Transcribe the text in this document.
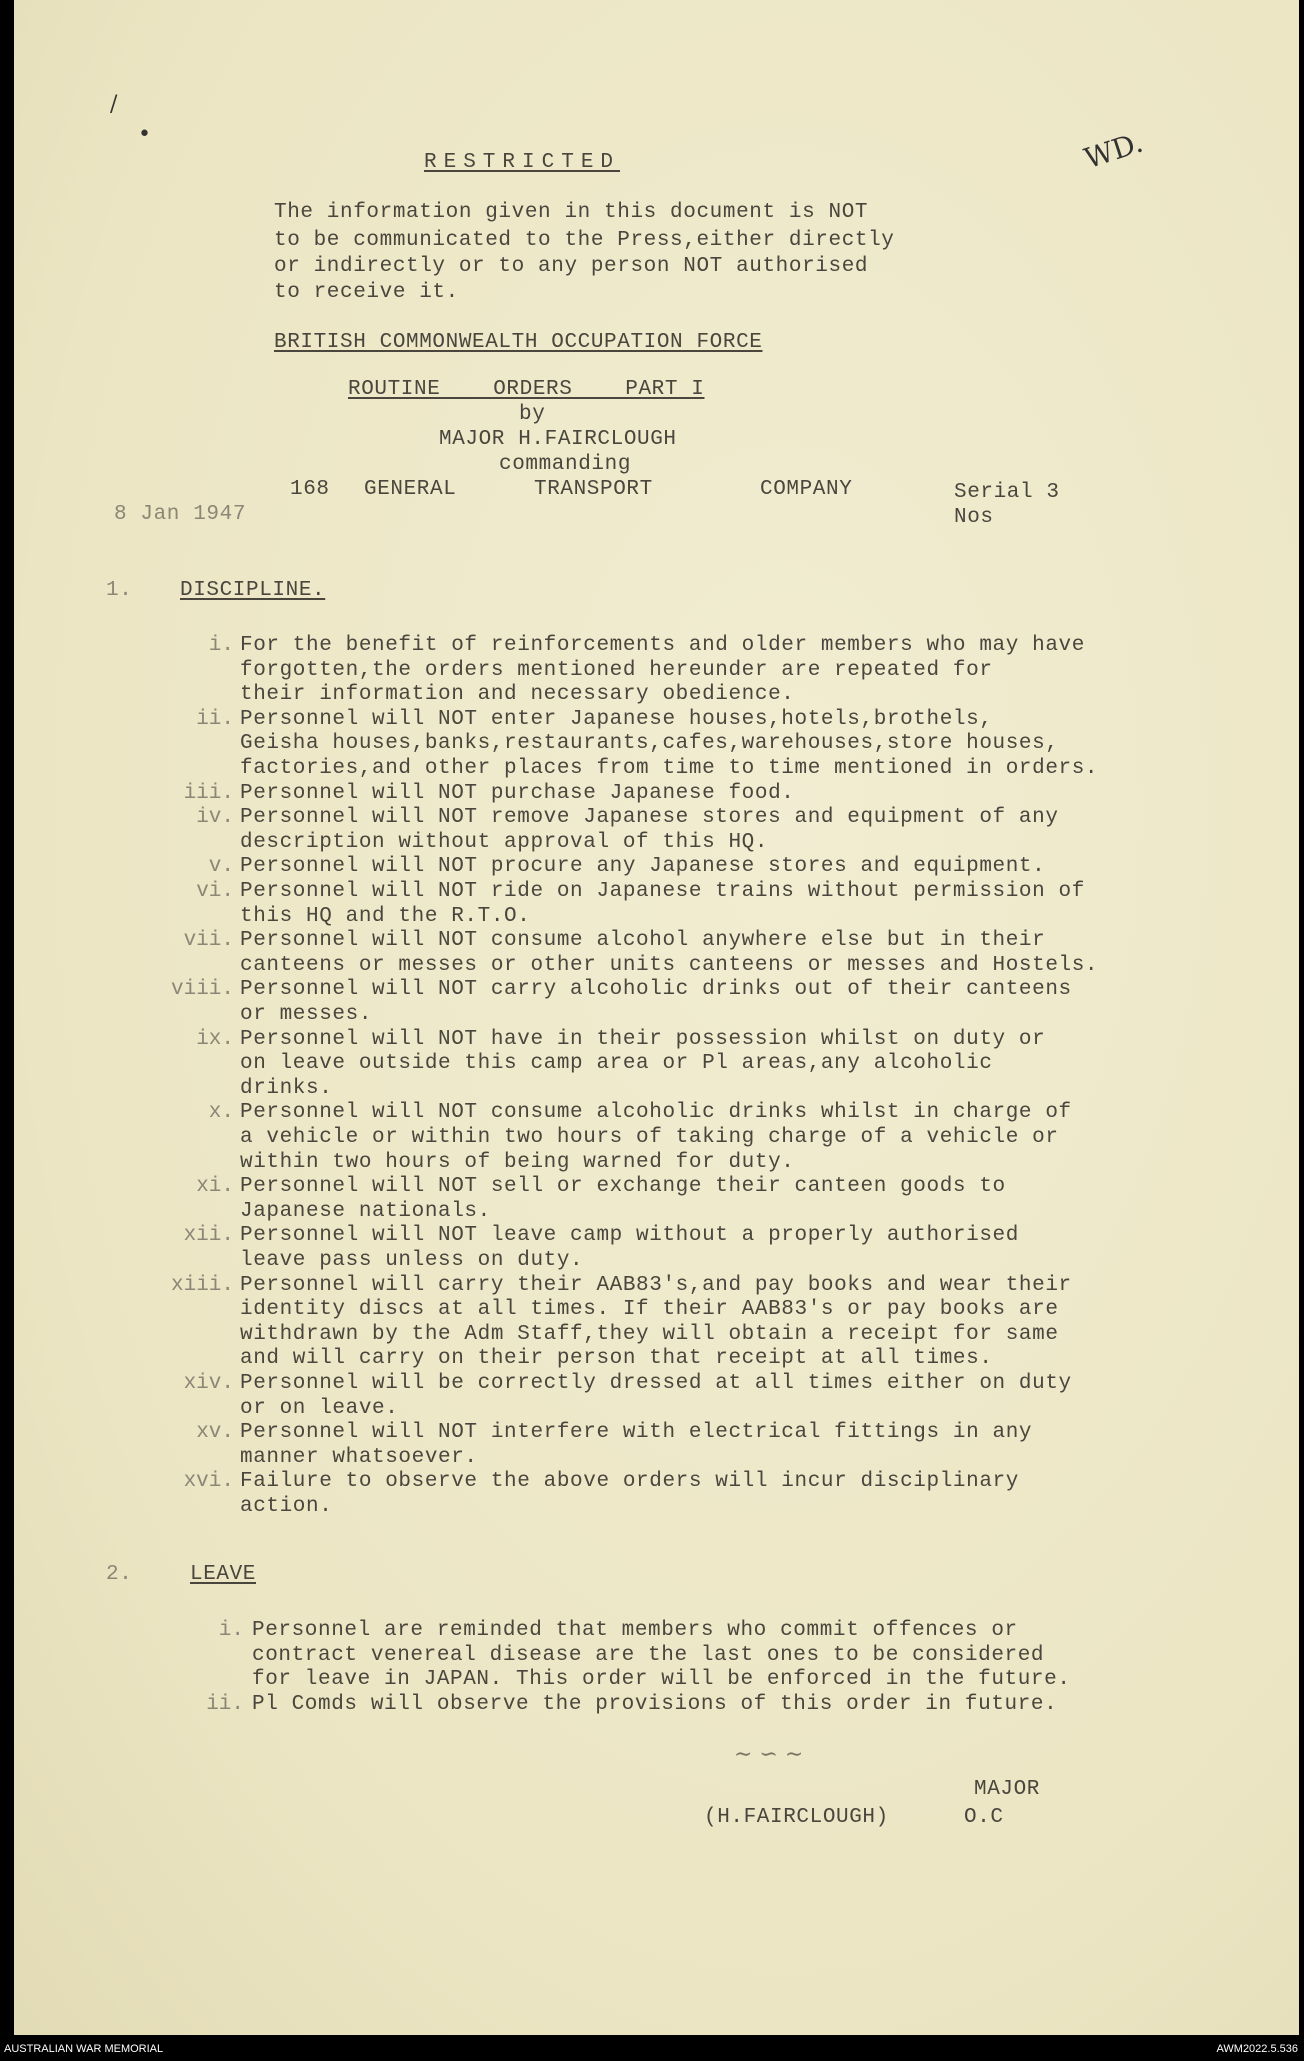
WD.
/
•
RESTRICTED
The information given in this document is NOT
to be communicated to the Press,either directly
or indirectly or to any person NOT authorised
to receive it.
BRITISH COMMONWEALTH OCCUPATION FORCE
ROUTINE    ORDERS    PART I
by
MAJOR H.FAIRCLOUGH
commanding
168 GENERAL	TRANSPORT	COMPANY	Serial 3
Nos
8 Jan 1947
1. DISCIPLINE.
i. For the benefit of reinforcements and older members who may have
forgotten,the orders mentioned hereunder are repeated for
their information and necessary obedience.
ii. Personnel will NOT enter Japanese houses,hotels,brothels,
Geisha houses,banks,restaurants,cafes,warehouses,store houses,
factories,and other places from time to time mentioned in orders.
iii. Personnel will NOT purchase Japanese food.
iv. Personnel will NOT remove Japanese stores and equipment of any
description without approval of this HQ.
v. Personnel will NOT procure any Japanese stores and equipment.
vi. Personnel will NOT ride on Japanese trains without permission of
this HQ and the R.T.O.
vii. Personnel will NOT consume alcohol anywhere else but in their
canteens or messes or other units canteens or messes and Hostels.
viii. Personnel will NOT carry alcoholic drinks out of their canteens
or messes.
ix. Personnel will NOT have in their possession whilst on duty or
on leave outside this camp area or Pl areas,any alcoholic
drinks.
x. Personnel will NOT consume alcoholic drinks whilst in charge of
a vehicle or within two hours of taking charge of a vehicle or
within two hours of being warned for duty.
xi. Personnel will NOT sell or exchange their canteen goods to
Japanese nationals.
xii. Personnel will NOT leave camp without a properly authorised
leave pass unless on duty.
xiii. Personnel will carry their AAB83's,and pay books and wear their
identity discs at all times. If their AAB83's or pay books are
withdrawn by the Adm Staff,they will obtain a receipt for same
and will carry on their person that receipt at all times.
xiv. Personnel will be correctly dressed at all times either on duty
or on leave.
xv. Personnel will NOT interfere with electrical fittings in any
manner whatsoever.
xvi. Failure to observe the above orders will incur disciplinary
action.
2.	LEAVE
i. Personnel are reminded that members who commit offences or
contract venereal disease are the last ones to be considered
for leave in JAPAN. This order will be enforced in the future.
ii. Pl Comds will observe the provisions of this order in future.
∼ ∽ ∼
MAJOR
(H.FAIRCLOUGH)	O.C
AUSTRALIAN WAR MEMORIAL	AWM2022.5.536
